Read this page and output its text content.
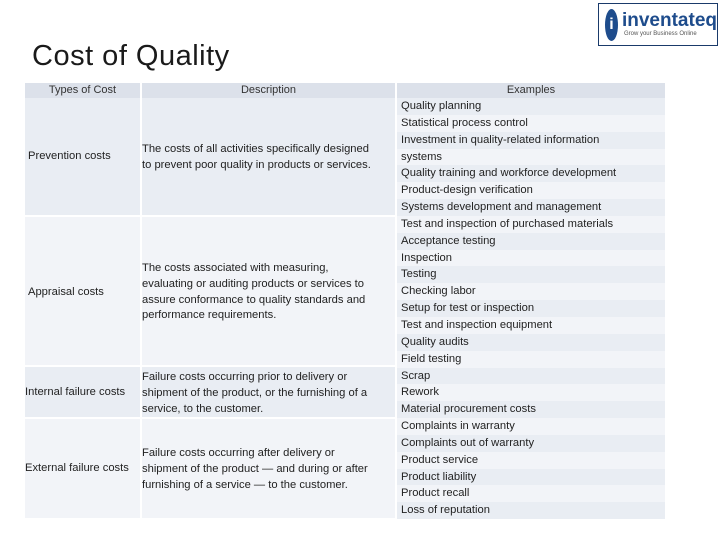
Cost of Quality
i inventateq
Grow your Business Online
Types of Cost	Description	Examples
Prevention costs
Appraisal costs
Internal failure costs
External failure costs
The costs of all activities specifically designed
to prevent poor quality in products or services.
The costs associated with measuring,
evaluating or auditing products or services to
assure conformance to quality standards and
performance requirements.
Failure costs occurring prior to delivery or
shipment of the product, or the furnishing of a
service, to the customer.
Failure costs occurring after delivery or
shipment of the product — and during or after
furnishing of a service — to the customer.
Quality planning
Statistical process control
Investment in quality-related information
systems
Quality training and workforce development
Product-design verification
Systems development and management
Test and inspection of purchased materials
Acceptance testing
Inspection
Testing
Checking labor
Setup for test or inspection
Test and inspection equipment
Quality audits
Field testing
Scrap
Rework
Material procurement costs
Complaints in warranty
Complaints out of warranty
Product service
Product liability
Product recall
Loss of reputation
